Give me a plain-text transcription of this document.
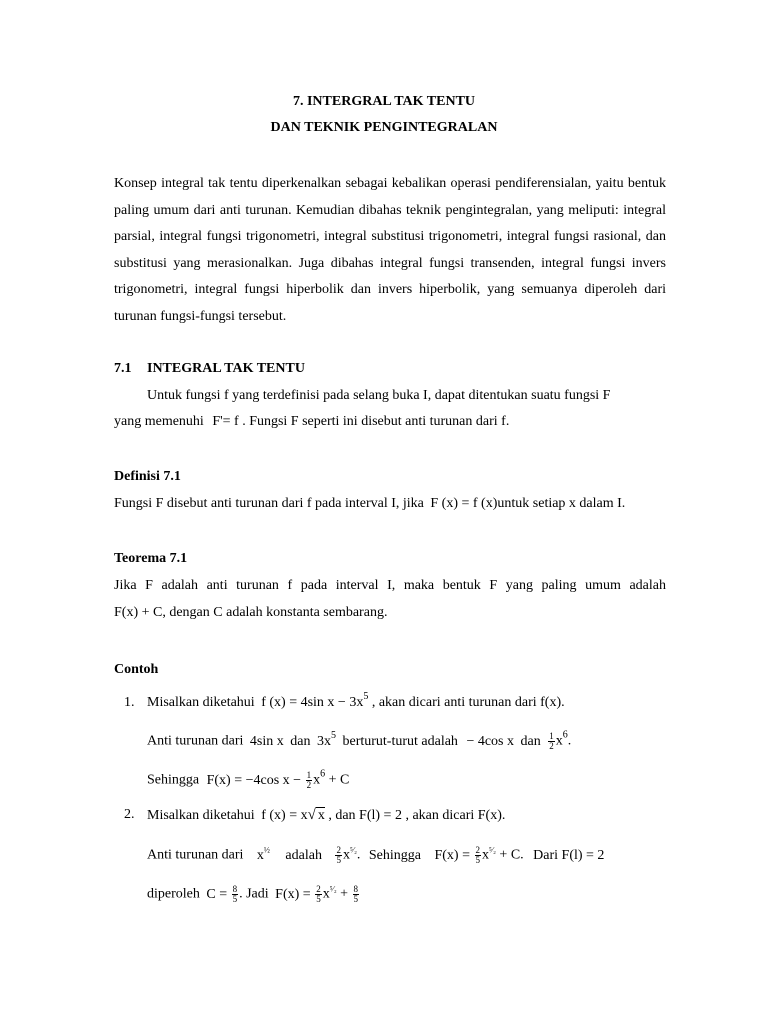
7. INTERGRAL TAK TENTU
DAN TEKNIK PENGINTEGRALAN

Konsep integral tak tentu diperkenalkan sebagai kebalikan operasi pendiferensialan, yaitu bentuk paling umum dari anti turunan. Kemudian dibahas teknik pengintegralan, yang meliputi: integral parsial, integral fungsi trigonometri, integral substitusi trigonometri, integral fungsi rasional, dan substitusi yang merasionalkan. Juga dibahas integral fungsi transenden, integral fungsi invers trigonometri, integral fungsi hiperbolik dan invers hiperbolik, yang semuanya diperoleh dari turunan fungsi-fungsi tersebut.

7.1 INTEGRAL TAK TENTU
Untuk fungsi f yang terdefinisi pada selang buka I, dapat ditentukan suatu fungsi F
yang memenuhi F'= f . Fungsi F seperti ini disebut anti turunan dari f.
Definisi 7.1
Fungsi F disebut anti turunan dari f pada interval I, jika F (x) = f (x)untuk setiap x dalam I.
Teorema 7.1
Jika F adalah anti turunan f pada interval I, maka bentuk F yang paling umum adalah
F(x) + C, dengan C adalah konstanta sembarang.
Contoh
1. Misalkan diketahui f (x) = 4sin $x - 3x^5$ , akan dicari anti turunan dari f(x).
Anti turunan dari 4sin x dan $3x^5$ berturut-turut adalah − 4cos x dan $\frac{1}{2} x^6$.
Sehingga F(x) = −4cos $x - \frac{1}{2} x^6 + C$
2. Misalkan diketahui f (x) = x√ x , dan F(l) = 2 , akan dicari F(x).
Anti turunan dari $x^{\frac{1}{2}}$ adalah $\frac{2}{5} x^{^5⁄_2}$. Sehingga $F(x) = \frac{2}{5} x^{^5⁄_2} + C$. Dari F(l) = 2
diperoleh $C = \frac{8}{5}$ . Jadi $F(x) = \frac{2}{5} x^{^5⁄_2} + \frac{8}{5}$
